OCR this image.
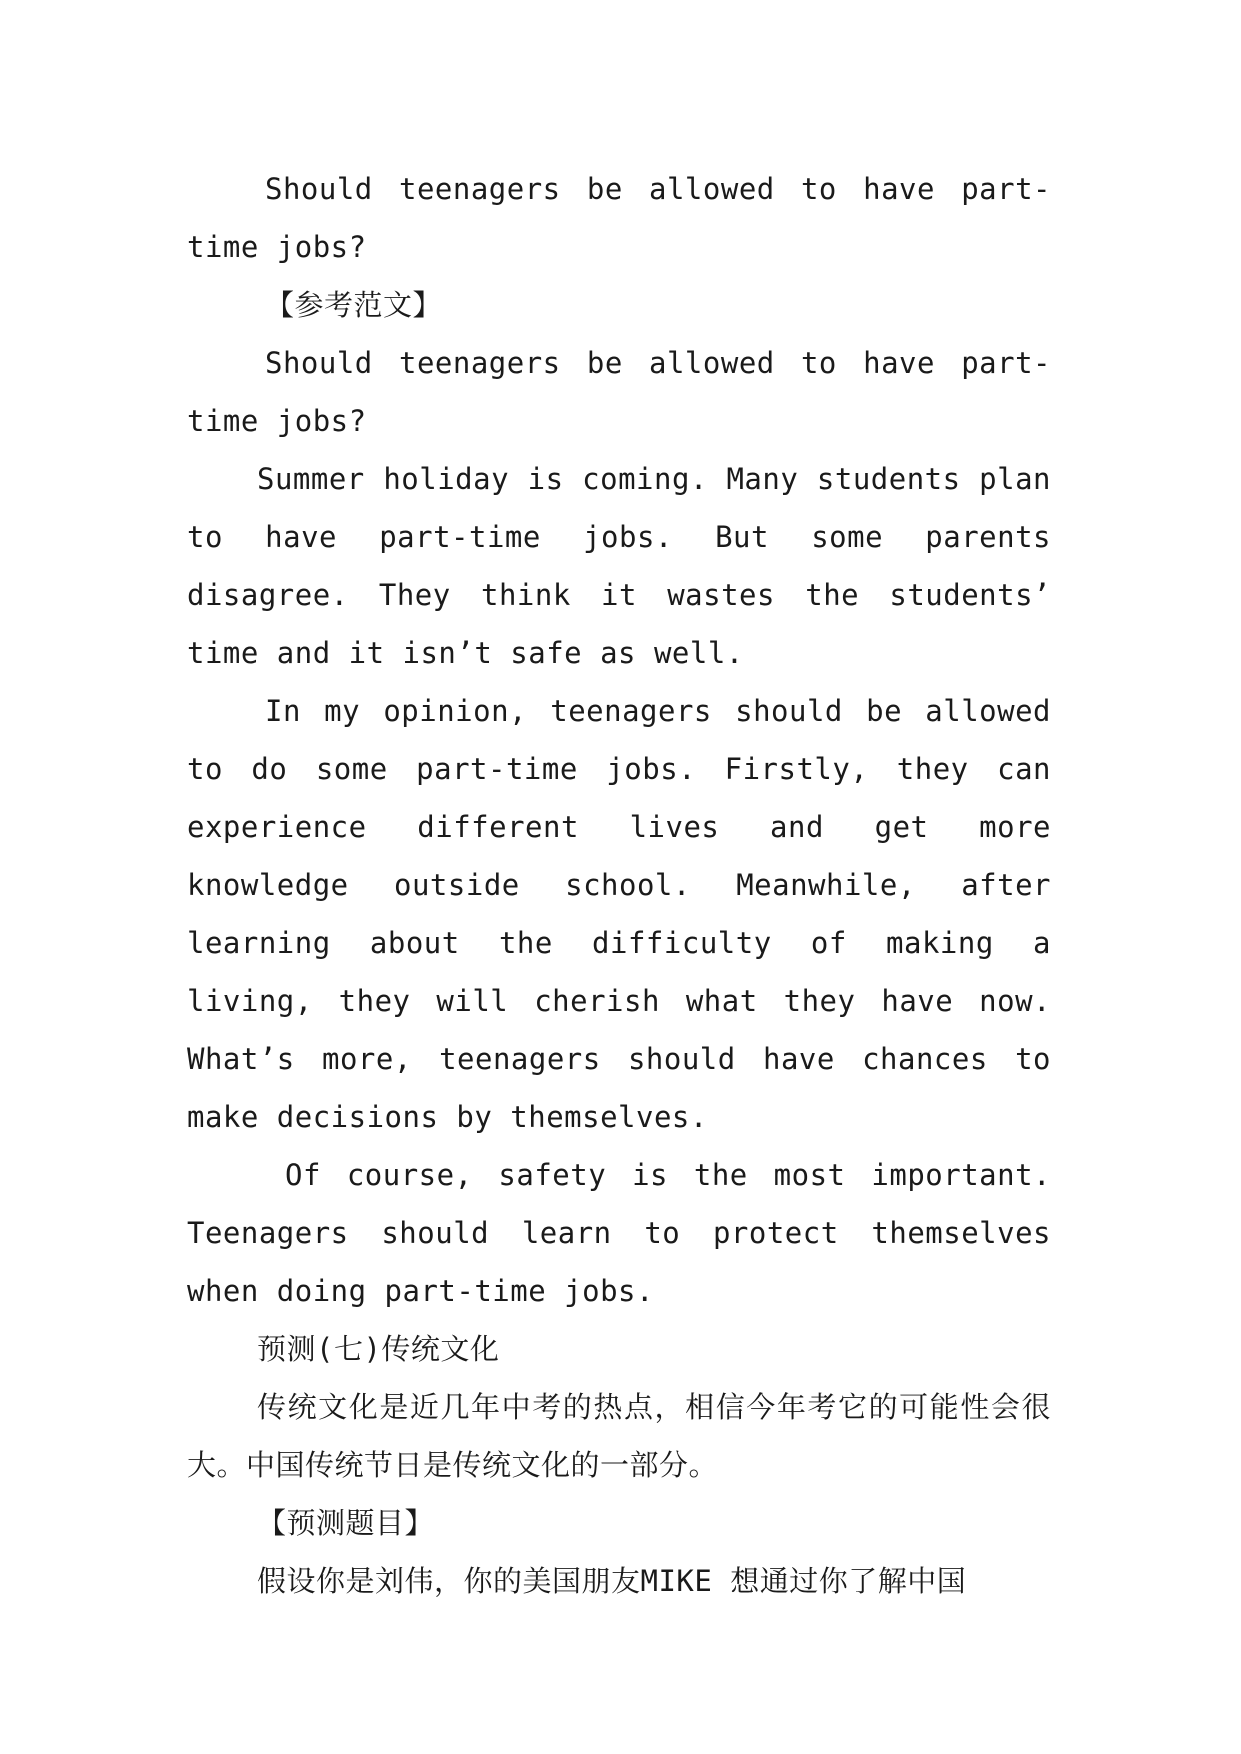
Should teenagers be allowed to have part-time jobs?

【参考范文】

Should teenagers be allowed to have part-time jobs?

Summer holiday is coming. Many students plan to have part-time jobs. But some parents disagree. They think it wastes the students’ time and it isn’t safe as well.

In my opinion, teenagers should be allowed to do some part-time jobs. Firstly, they can experience different lives and get more knowledge outside school. Meanwhile, after learning about the difficulty of making a living, they will cherish what they have now. What’s more, teenagers should have chances to make decisions by themselves.

Of course, safety is the most important. Teenagers should learn to protect themselves when doing part-time jobs.

预测(七)传统文化

传统文化是近几年中考的热点，相信今年考它的可能性会很大。中国传统节日是传统文化的一部分。

【预测题目】

假设你是刘伟，你的美国朋友MIKE 想通过你了解中国
